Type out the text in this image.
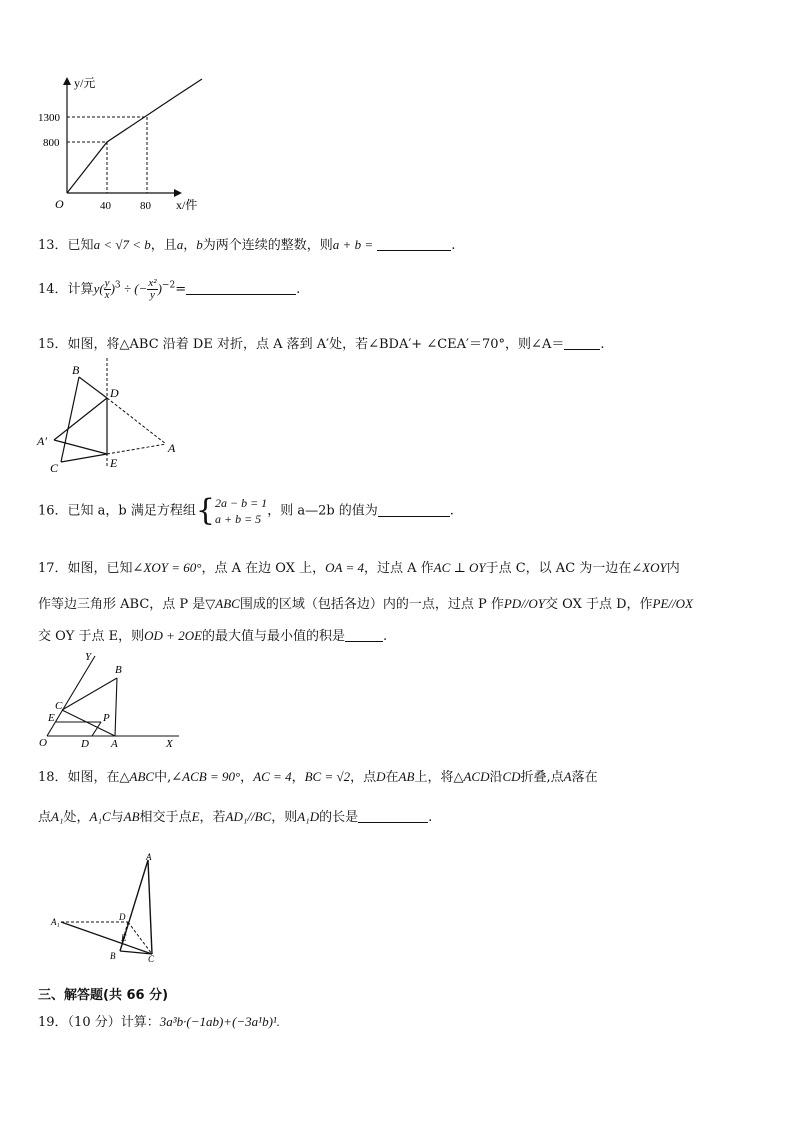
y/元
1300
800
O	40	80 x/件
13．已知a < √7 < b，且a，b为两个连续的整数，则a + b =	.
14．计算$y( \frac{y}{x} )^3$ ÷ (− $\frac{\text{x²}}{y} )^{-2}=$	.
15．如图，将△ABC 沿着 DE 对折，点 A 落到 A′处，若∠BDA′+ ∠CEA′＝70°，则∠A＝	.
B
D
A′	A
C	E
16．已知 a，b 满足方程组{ 2a − b = 1
a + b = 5
，则 a—2b 的值为	.
17．如图，已知∠XOY = 60°，点 A 在边 OX 上，OA = 4，过点 A 作AC ⊥ OY于点 C，以 AC 为一边在∠XOY内
作等边三角形 ABC，点 P 是▽ABC围成的区域（包括各边）内的一点，过点 P 作PD//OY交 OX 于点 D，作PE//OX
交 OY 于点 E，则OD + 2OE的最大值与最小值的积是	.
Y
B
C
E	P
O	D A	X
18．如图，在△ABC中,∠ACB = 90°，AC = 4，BC = √2，点D在AB上，将△ACD沿CD折叠,点A落在
点A₁处，A₁C与AB相交于点E，若AD₁//BC，则A₁D的长是	.
A
A₁	D
E
B	C
三、解答题(共 66 分)
19．（10 分）计算：3a³b·(−1ab)+(−3a¹b)¹.
